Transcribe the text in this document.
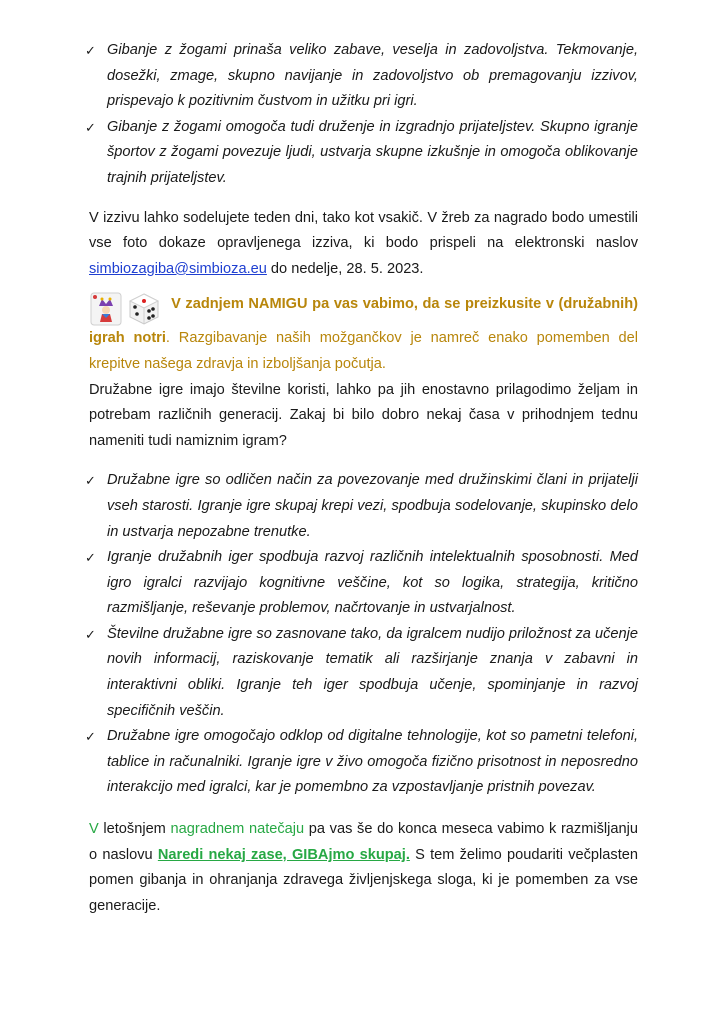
✓ Gibanje z žogami prinaša veliko zabave, veselja in zadovoljstva. Tekmovanje, dosežki, zmage, skupno navijanje in zadovoljstvo ob premagovanju izzivov, prispevajo k pozitivnim čustvom in užitku pri igri.

✓ Gibanje z žogami omogoča tudi druženje in izgradnjo prijateljstev. Skupno igranje športov z žogami povezuje ljudi, ustvarja skupne izkušnje in omogoča oblikovanje trajnih prijateljstev.

V izzivu lahko sodelujete teden dni, tako kot vsakič. V žreb za nagrado bodo umestili vse foto dokaze opravljenega izziva, ki bodo prispeli na elektronski naslov simbiozagiba@simbioza.eu do nedelje, 28. 5. 2023.

V zadnjem NAMIGU pa vas vabimo, da se preizkusite v (družabnih) igrah notri. Razgibavanje naših možgančkov je namreč enako pomemben del krepitve našega zdravja in izboljšanja počutja.

Družabne igre imajo številne koristi, lahko pa jih enostavno prilagodimo željam in potrebam različnih generacij. Zakaj bi bilo dobro nekaj časa v prihodnjem tednu nameniti tudi namiznim igram?

✓ Družabne igre so odličen način za povezovanje med družinskimi člani in prijatelji vseh starosti. Igranje igre skupaj krepi vezi, spodbuja sodelovanje, skupinsko delo in ustvarja nepozabne trenutke.

✓ Igranje družabnih iger spodbuja razvoj različnih intelektualnih sposobnosti. Med igro igralci razvijajo kognitivne veščine, kot so logika, strategija, kritično razmišljanje, reševanje problemov, načrtovanje in ustvarjalnost.

✓ Številne družabne igre so zasnovane tako, da igralcem nudijo priložnost za učenje novih informacij, raziskovanje tematik ali razširjanje znanja v zabavni in interaktivni obliki. Igranje teh iger spodbuja učenje, spominjanje in razvoj specifičnih veščin.

✓ Družabne igre omogočajo odklop od digitalne tehnologije, kot so pametni telefoni, tablice in računalniki. Igranje igre v živo omogoča fizično prisotnost in neposredno interakcijo med igralci, kar je pomembno za vzpostavljanje pristnih povezav.

V letošnjem nagradnem natečaju pa vas še do konca meseca vabimo k razmišljanju o naslovu Naredi nekaj zase, GIBAjmo skupaj. S tem želimo poudariti večplasten pomen gibanja in ohranjanja zdravega življenjskega sloga, ki je pomemben za vse generacije.
